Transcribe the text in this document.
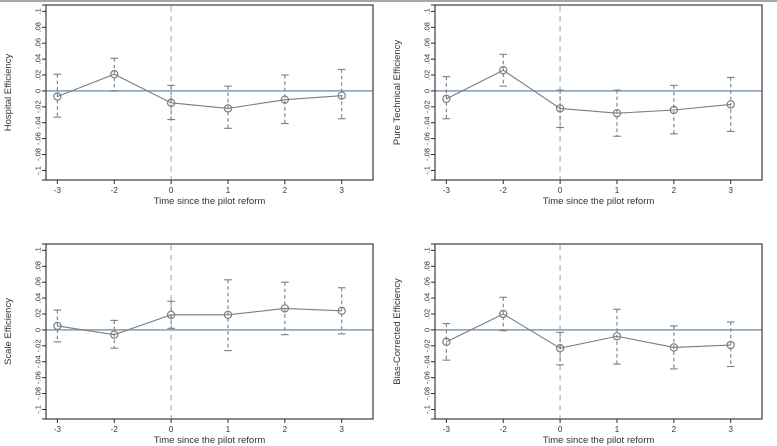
-.1
-.08
-.06
-.04
-.02
0
.02
.04
.06
.08
.1
-3	-2	0	1	2	3
Time since the pilot reform
Hospital Efficiency
-.1
-.08
-.06
-.04
-.02
0
.02
.04
.06
.08
.1
-3	-2	0	1	2	3
Time since the pilot reform
Pure Technical Efficiency
-.1
-.08
-.06
-.04
-.02
0
.02
.04
.06
.08
.1
-3	-2	0	1	2	3
Time since the pilot reform
Scale Efficiency
-.1
-.08
-.06
-.04
-.02
0
.02
.04
.06
.08
.1
-3	-2	0	1	2	3
Time since the pilot reform
Bias-Corrected Efficiency
